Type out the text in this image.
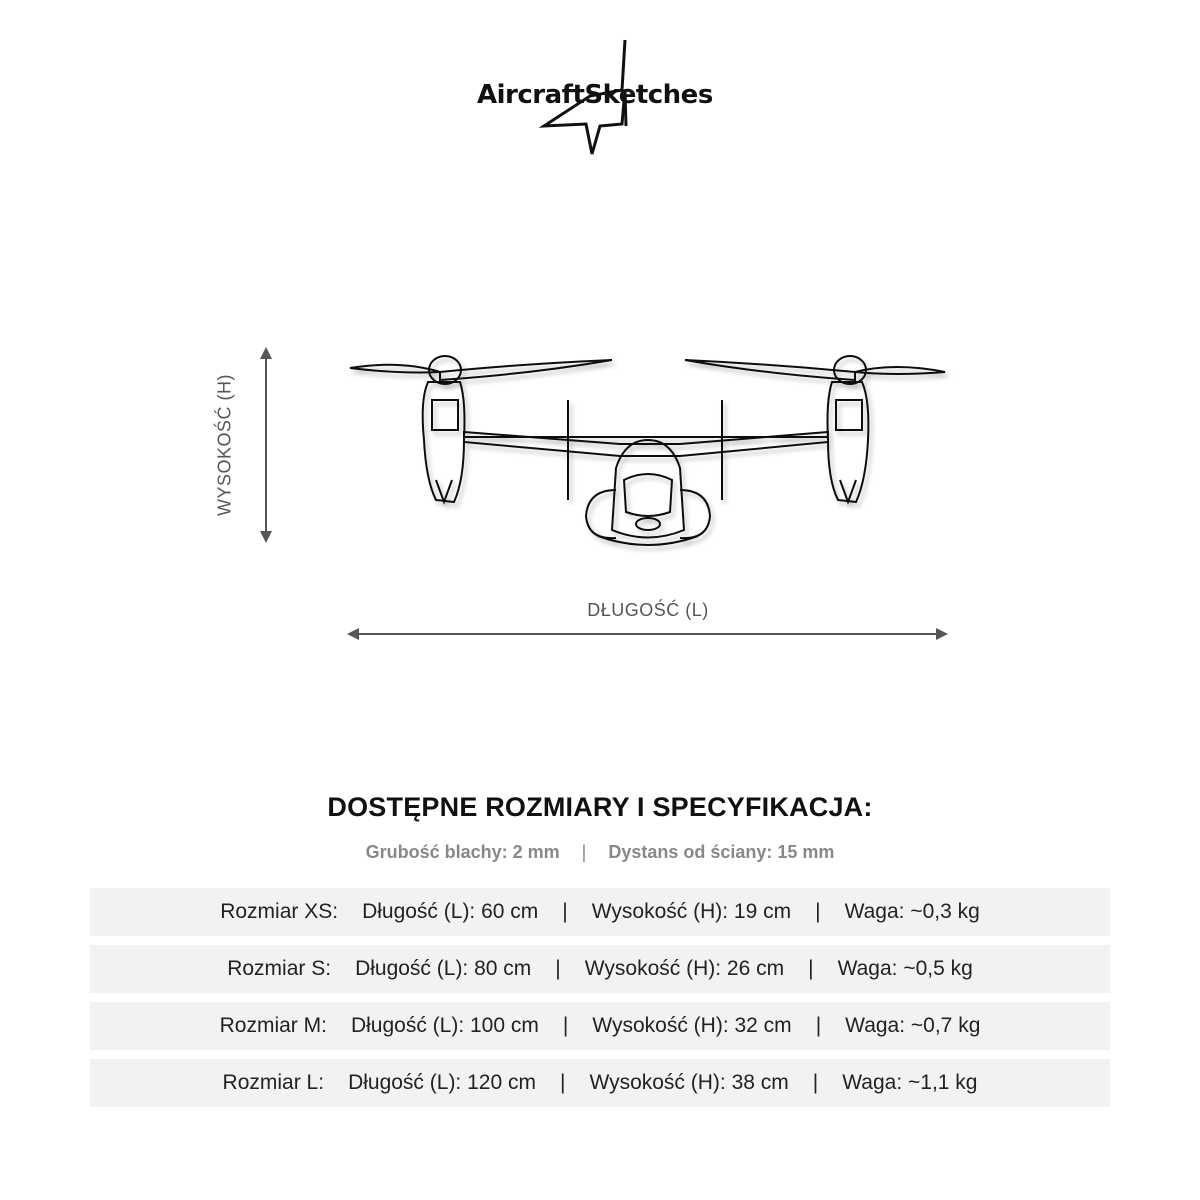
AircraftSketches
WYSOKOŚĆ (H)
DŁUGOŚĆ (L)
DOSTĘPNE ROZMIARY I SPECYFIKACJA:
Grubość blachy: 2 mm | Dystans od ściany: 15 mm
Rozmiar XS: Długość (L): 60 cm | Wysokość (H): 19 cm | Waga: ~0,3 kg
Rozmiar S: Długość (L): 80 cm | Wysokość (H): 26 cm | Waga: ~0,5 kg
Rozmiar M: Długość (L): 100 cm | Wysokość (H): 32 cm | Waga: ~0,7 kg
Rozmiar L: Długość (L): 120 cm | Wysokość (H): 38 cm | Waga: ~1,1 kg
